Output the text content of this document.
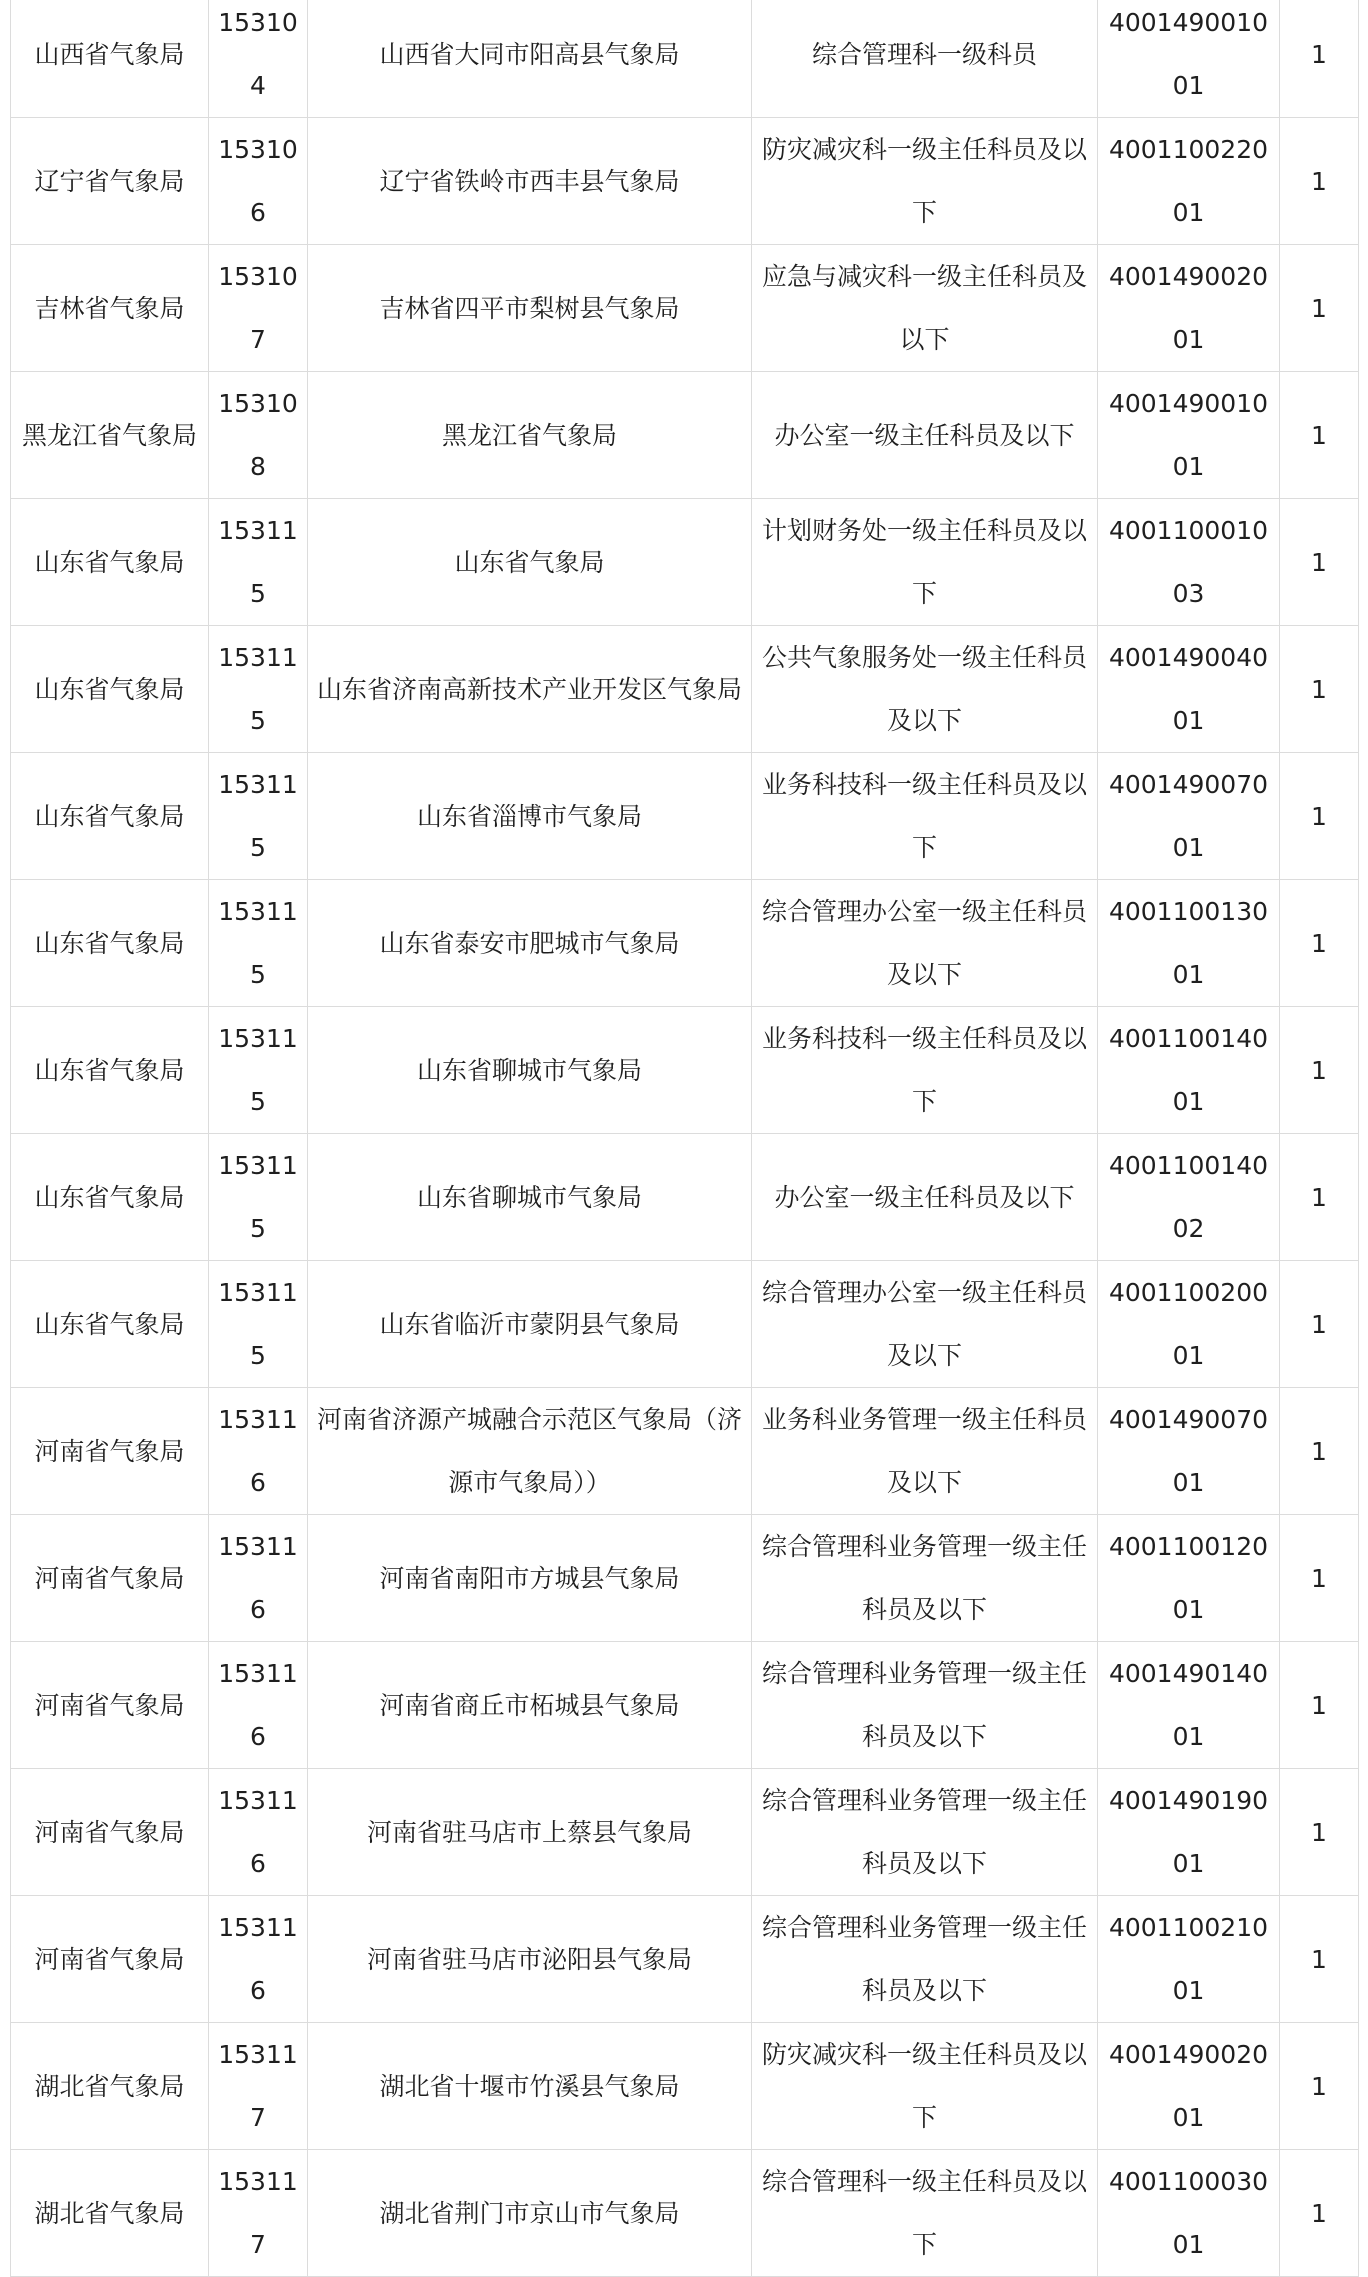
山西省气象局	153104	山西省大同市阳高县气象局	综合管理科一级科员	400149001001	1
辽宁省气象局	153106	辽宁省铁岭市西丰县气象局	防灾减灾科一级主任科员及以下	400110022001	1
吉林省气象局	153107	吉林省四平市梨树县气象局	应急与减灾科一级主任科员及以下	400149002001	1
黑龙江省气象局	153108	黑龙江省气象局	办公室一级主任科员及以下	400149001001	1
山东省气象局	153115	山东省气象局	计划财务处一级主任科员及以下	400110001003	1
山东省气象局	153115	山东省济南高新技术产业开发区气象局	公共气象服务处一级主任科员及以下	400149004001	1
山东省气象局	153115	山东省淄博市气象局	业务科技科一级主任科员及以下	400149007001	1
山东省气象局	153115	山东省泰安市肥城市气象局	综合管理办公室一级主任科员及以下	400110013001	1
山东省气象局	153115	山东省聊城市气象局	业务科技科一级主任科员及以下	400110014001	1
山东省气象局	153115	山东省聊城市气象局	办公室一级主任科员及以下	400110014002	1
山东省气象局	153115	山东省临沂市蒙阴县气象局	综合管理办公室一级主任科员及以下	400110020001	1
河南省气象局	153116	河南省济源产城融合示范区气象局（济源市气象局））	业务科业务管理一级主任科员及以下	400149007001	1
河南省气象局	153116	河南省南阳市方城县气象局	综合管理科业务管理一级主任科员及以下	400110012001	1
河南省气象局	153116	河南省商丘市柘城县气象局	综合管理科业务管理一级主任科员及以下	400149014001	1
河南省气象局	153116	河南省驻马店市上蔡县气象局	综合管理科业务管理一级主任科员及以下	400149019001	1
河南省气象局	153116	河南省驻马店市泌阳县气象局	综合管理科业务管理一级主任科员及以下	400110021001	1
湖北省气象局	153117	湖北省十堰市竹溪县气象局	防灾减灾科一级主任科员及以下	400149002001	1
湖北省气象局	153117	湖北省荆门市京山市气象局	综合管理科一级主任科员及以下	400110003001	1
